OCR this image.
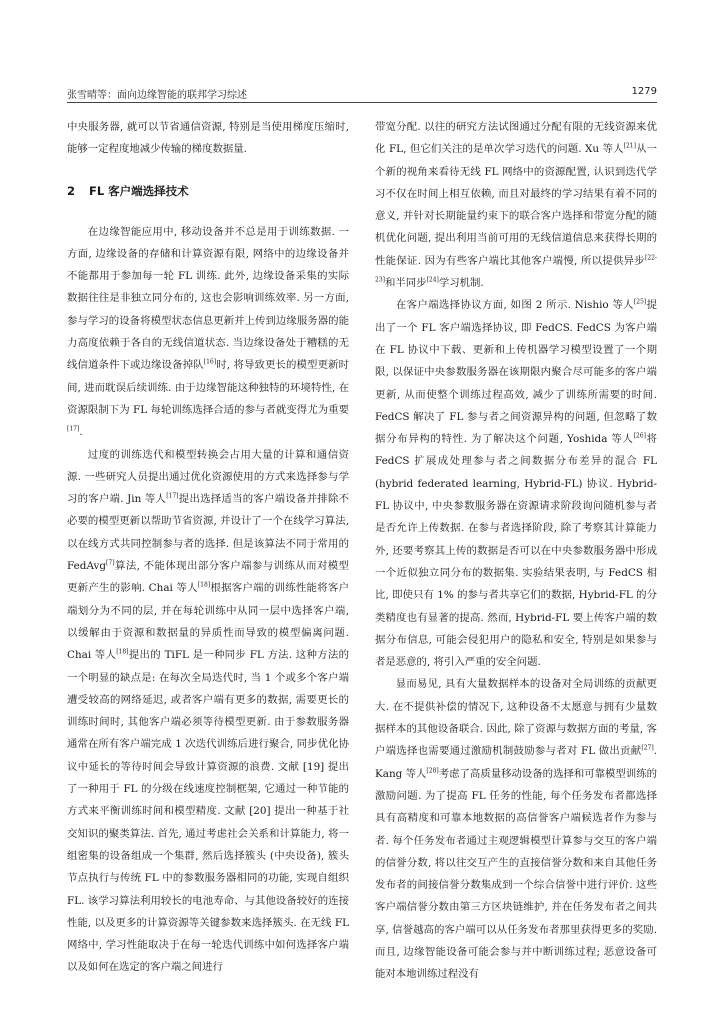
张雪晴等：面向边缘智能的联邦学习综述	1279

中央服务器, 就可以节省通信资源, 特别是当使用梯度压缩时, 能够一定程度地减少传输的梯度数据量.

2 FL 客户端选择技术

在边缘智能应用中, 移动设备并不总是用于训练数据. 一方面, 边缘设备的存储和计算资源有限, 网络中的边缘设备并不能都用于参加每一轮 FL 训练. 此外, 边缘设备采集的实际数据往往是非独立同分布的, 这也会影响训练效率. 另一方面, 参与学习的设备将模型状态信息更新并上传到边缘服务器的能力高度依赖于各自的无线信道状态. 当边缘设备处于糟糕的无线信道条件下或边缘设备掉队[16]时, 将导致更长的模型更新时间, 进而耽误后续训练. 由于边缘智能这种独特的环境特性, 在资源限制下为 FL 每轮训练选择合适的参与者就变得尤为重要[17].

过度的训练迭代和模型转换会占用大量的计算和通信资源. 一些研究人员提出通过优化资源使用的方式来选择参与学习的客户端. Jin 等人[17]提出选择适当的客户端设备并排除不必要的模型更新以帮助节省资源, 并设计了一个在线学习算法, 以在线方式共同控制参与者的选择. 但是该算法不同于常用的 FedAvg[7]算法, 不能体现出部分客户端参与训练从而对模型更新产生的影响. Chai 等人[18]根据客户端的训练性能将客户端划分为不同的层, 并在每轮训练中从同一层中选择客户端, 以缓解由于资源和数据量的异质性而导致的模型偏离问题. Chai 等人[18]提出的 TiFL 是一种同步 FL 方法. 这种方法的一个明显的缺点是: 在每次全局迭代时, 当 1 个或多个客户端遭受较高的网络延迟, 或者客户端有更多的数据, 需要更长的训练时间时, 其他客户端必须等待模型更新. 由于参数服务器通常在所有客户端完成 1 次迭代训练后进行聚合, 同步优化协议中延长的等待时间会导致计算资源的浪费. 文献 [19] 提出了一种用于 FL 的分级在线速度控制框架, 它通过一种节能的方式来平衡训练时间和模型精度. 文献 [20] 提出一种基于社交知识的聚类算法. 首先, 通过考虑社会关系和计算能力, 将一组密集的设备组成一个集群, 然后选择簇头 (中央设备), 簇头节点执行与传统 FL 中的参数服务器相同的功能, 实现自组织 FL. 该学习算法利用较长的电池寿命、与其他设备较好的连接性能, 以及更多的计算资源等关键参数来选择簇头. 在无线 FL 网络中, 学习性能取决于在每一轮迭代训练中如何选择客户端以及如何在选定的客户端之间进行

带宽分配. 以往的研究方法试图通过分配有限的无线资源来优化 FL, 但它们关注的是单次学习迭代的问题. Xu 等人[21]从一个新的视角来看待无线 FL 网络中的资源配置, 认识到迭代学习不仅在时间上相互依赖, 而且对最终的学习结果有着不同的意义, 并针对长期能量约束下的联合客户选择和带宽分配的随机优化问题, 提出利用当前可用的无线信道信息来获得长期的性能保证. 因为有些客户端比其他客户端慢, 所以提供异步[22-23]和半同步[24]学习机制.

在客户端选择协议方面, 如图 2 所示. Nishio 等人[25]提出了一个 FL 客户端选择协议, 即 FedCS. FedCS 为客户端在 FL 协议中下载、更新和上传机器学习模型设置了一个期限, 以保证中央参数服务器在该期限内聚合尽可能多的客户端更新, 从而使整个训练过程高效, 减少了训练所需要的时间. FedCS 解决了 FL 参与者之间资源异构的问题, 但忽略了数据分布异构的特性. 为了解决这个问题, Yoshida 等人[26]将 FedCS 扩展成处理参与者之间数据分布差异的混合 FL (hybrid federated learning, Hybrid-FL) 协议. Hybrid-FL 协议中, 中央参数服务器在资源请求阶段询问随机参与者是否允许上传数据. 在参与者选择阶段, 除了考察其计算能力外, 还要考察其上传的数据是否可以在中央参数服务器中形成一个近似独立同分布的数据集. 实验结果表明, 与 FedCS 相比, 即使只有 1% 的参与者共享它们的数据, Hybrid-FL 的分类精度也有显著的提高. 然而, Hybrid-FL 要上传客户端的数据分布信息, 可能会侵犯用户的隐私和安全, 特别是如果参与者是恶意的, 将引入严重的安全问题.

显而易见, 具有大量数据样本的设备对全局训练的贡献更大. 在不提供补偿的情况下, 这种设备不太愿意与拥有少量数据样本的其他设备联合. 因此, 除了资源与数据方面的考量, 客户端选择也需要通过激励机制鼓励参与者对 FL 做出贡献[27]. Kang 等人[28]考虑了高质量移动设备的选择和可靠模型训练的激励问题. 为了提高 FL 任务的性能, 每个任务发布者都选择具有高精度和可靠本地数据的高信誉客户端候选者作为参与者. 每个任务发布者通过主观逻辑模型计算参与交互的客户端的信誉分数, 将以往交互产生的直接信誉分数和来自其他任务发布者的间接信誉分数集成到一个综合信誉中进行评价. 这些客户端信誉分数由第三方区块链维护, 并在任务发布者之间共享, 信誉越高的客户端可以从任务发布者那里获得更多的奖励. 而且, 边缘智能设备可能会参与并中断训练过程; 恶意设备可能对本地训练过程没有
